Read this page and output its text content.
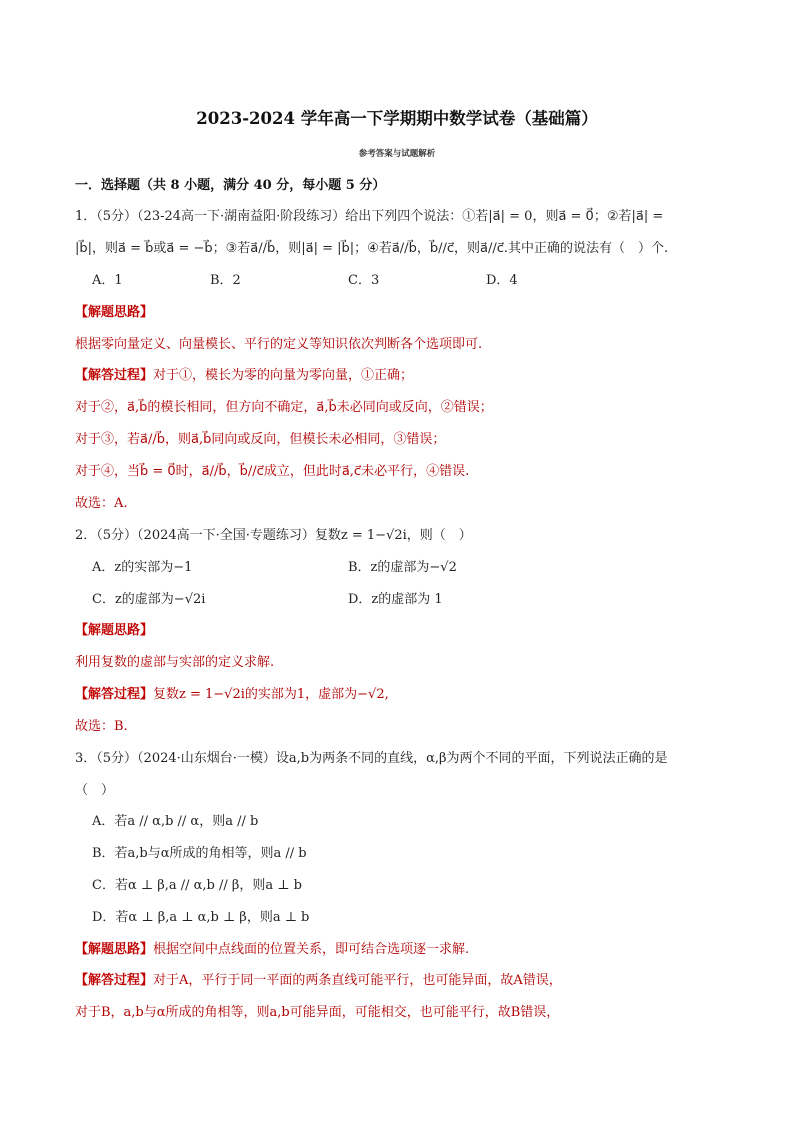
2023-2024 学年高一下学期期中数学试卷（基础篇）
参考答案与试题解析
一．选择题（共 8 小题，满分 40 分，每小题 5 分）
1．（5分）（23-24高一下·湖南益阳·阶段练习）给出下列四个说法：①若|a⃗| = 0，则a⃗ = 0⃗；②若|a⃗| =
|b⃗|，则a⃗ = b⃗或a⃗ = −b⃗；③若a⃗//b⃗，则|a⃗| = |b⃗|；④若a⃗//b⃗，b⃗//c⃗，则a⃗//c⃗.其中正确的说法有（　）个.
A．1	B．2	C．3	D．4
【解题思路】
根据零向量定义、向量模长、平行的定义等知识依次判断各个选项即可.
【解答过程】对于①，模长为零的向量为零向量，①正确；
对于②，a⃗,b⃗的模长相同，但方向不确定，a⃗,b⃗未必同向或反向，②错误；
对于③，若a⃗//b⃗，则a⃗,b⃗同向或反向，但模长未必相同，③错误；
对于④，当b⃗ = 0⃗时，a⃗//b⃗，b⃗//c⃗成立，但此时a⃗,c⃗未必平行，④错误.
故选：A.
2．（5分）（2024高一下·全国·专题练习）复数z = 1−√2i，则（　）
A．z的实部为−1	B．z的虚部为−√2
C．z的虚部为−√2i	D．z的虚部为 1
【解题思路】
利用复数的虚部与实部的定义求解.
【解答过程】复数z = 1−√2i的实部为1，虚部为−√2,
故选：B.
3．（5分）（2024·山东烟台·一模）设a,b为两条不同的直线，α,β为两个不同的平面，下列说法正确的是
（　）
A．若a // α,b // α，则a // b
B．若a,b与α所成的角相等，则a // b
C．若α ⊥ β,a // α,b // β，则a ⊥ b
D．若α ⊥ β,a ⊥ α,b ⊥ β，则a ⊥ b
【解题思路】根据空间中点线面的位置关系，即可结合选项逐一求解.
【解答过程】对于A，平行于同一平面的两条直线可能平行，也可能异面，故A错误，
对于B，a,b与α所成的角相等，则a,b可能异面，可能相交，也可能平行，故B错误，
